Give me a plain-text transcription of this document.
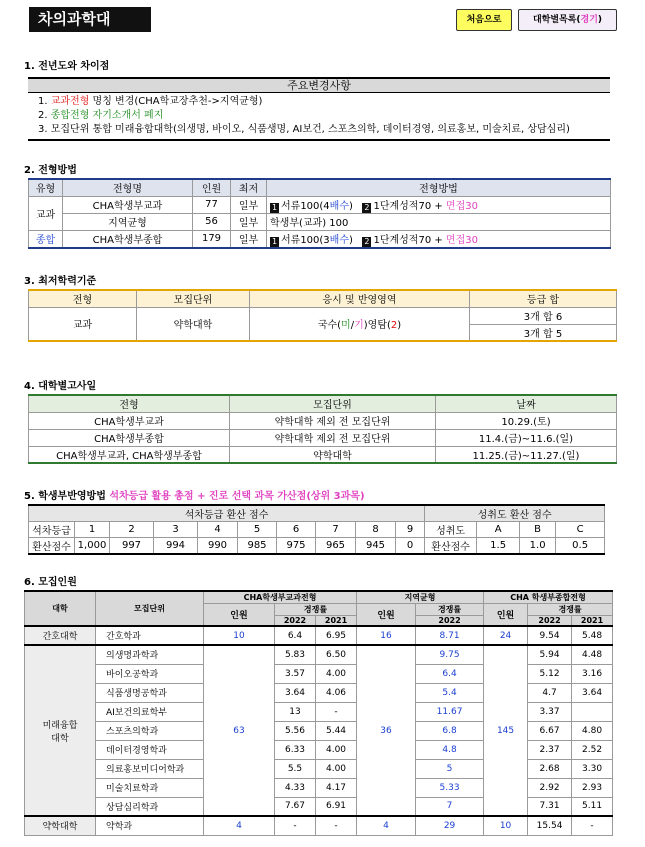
차의과학대	처음으로	대학별목록(경기)
1. 전년도와 차이점
주요변경사항
1. 교과전형 명칭 변경(CHA학교장추천->지역균형)
2. 종합전형 자기소개서 폐지
3. 모집단위 통합 미래융합대학(의생명, 바이오, 식품생명, AI보건, 스포츠의학, 데이터경영, 의료홍보, 미술치료, 상담심리)
2. 전형방법
유형	전형명	인원	최저	전형방법
교과	CHA학생부교과	77	일부	1 서류100(4배수) 2 1단계성적70 + 면접30
	지역균형	56	일부	학생부(교과) 100
종합	CHA학생부종합	179	일부	1 서류100(3배수) 2 1단계성적70 + 면접30
3. 최저학력기준
전형	모집단위	응시 및 반영영역	등급 합
교과	약학대학	국수(미/기)영탐(2)	3개 합 6
			3개 합 5
4. 대학별고사일
전형	모집단위	날짜
CHA학생부교과	약학대학 제외 전 모집단위	10.29.(토)
CHA학생부종합	약학대학 제외 전 모집단위	11.4.(금)~11.6.(일)
CHA학생부교과, CHA학생부종합	약학대학	11.25.(금)~11.27.(일)
5. 학생부반영방법 석차등급 활용 총점 + 진로 선택 과목 가산점(상위 3과목)
석차등급 환산 점수										성취도 환산 점수			
석차등급	1	2	3	4	5	6	7	8	9	성취도	A	B	C
환산점수	1,000	997	994	990	985	975	965	945	0	환산점수	1.5	1.0	0.5
6. 모집인원
대학	모집단위	CHA학생부교과전형			지역균형		CHA 학생부종합전형		
		인원	경쟁률		인원	경쟁률	인원	경쟁률	
			2022	2021		2022		2022	2021
간호대학	간호학과	10	6.4	6.95	16	8.71	24	9.54	5.48
미래융합
대학	의생명과학과	63	5.83	6.50	36	9.75	145	5.94	4.48
	바이오공학과		3.57	4.00		6.4		5.12	3.16
	식품생명공학과		3.64	4.06		5.4		4.7	3.64
	AI보건의료학부		13	-		11.67		3.37	
	스포츠의학과		5.56	5.44		6.8		6.67	4.80
	데이터경영학과		6.33	4.00		4.8		2.37	2.52
	의료홍보미디어학과		5.5	4.00		5		2.68	3.30
	미술치료학과		4.33	4.17		5.33		2.92	2.93
	상담심리학과		7.67	6.91		7		7.31	5.11
약학대학	약학과	4	-	-	4	29	10	15.54	-
